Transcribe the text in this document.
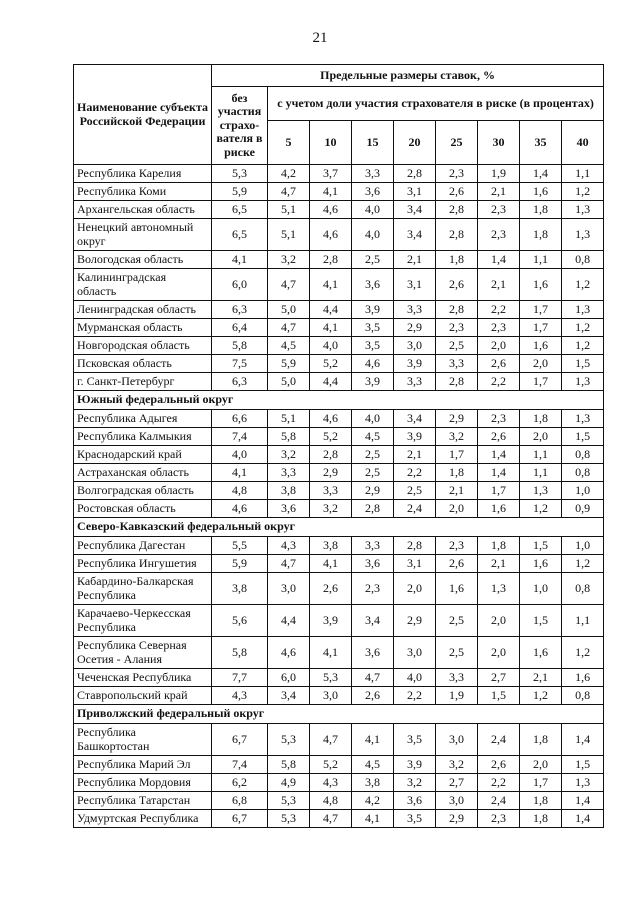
21
Наименование субъекта Российской Федерации	Предельные размеры ставок, %								
	без участия страхо-вателя в риске	с учетом доли участия страхователя в риске (в процентах)							
		5	10	15	20	25	30	35	40
Республика Карелия	5,3	4,2	3,7	3,3	2,8	2,3	1,9	1,4	1,1
Республика Коми	5,9	4,7	4,1	3,6	3,1	2,6	2,1	1,6	1,2
Архангельская область	6,5	5,1	4,6	4,0	3,4	2,8	2,3	1,8	1,3
Ненецкий автономный округ	6,5	5,1	4,6	4,0	3,4	2,8	2,3	1,8	1,3
Вологодская область	4,1	3,2	2,8	2,5	2,1	1,8	1,4	1,1	0,8
Калининградская область	6,0	4,7	4,1	3,6	3,1	2,6	2,1	1,6	1,2
Ленинградская область	6,3	5,0	4,4	3,9	3,3	2,8	2,2	1,7	1,3
Мурманская область	6,4	4,7	4,1	3,5	2,9	2,3	2,3	1,7	1,2
Новгородская область	5,8	4,5	4,0	3,5	3,0	2,5	2,0	1,6	1,2
Псковская область	7,5	5,9	5,2	4,6	3,9	3,3	2,6	2,0	1,5
г. Санкт-Петербург	6,3	5,0	4,4	3,9	3,3	2,8	2,2	1,7	1,3
Южный федеральный округ									
Республика Адыгея	6,6	5,1	4,6	4,0	3,4	2,9	2,3	1,8	1,3
Республика Калмыкия	7,4	5,8	5,2	4,5	3,9	3,2	2,6	2,0	1,5
Краснодарский край	4,0	3,2	2,8	2,5	2,1	1,7	1,4	1,1	0,8
Астраханская область	4,1	3,3	2,9	2,5	2,2	1,8	1,4	1,1	0,8
Волгоградская область	4,8	3,8	3,3	2,9	2,5	2,1	1,7	1,3	1,0
Ростовская область	4,6	3,6	3,2	2,8	2,4	2,0	1,6	1,2	0,9
Северо-Кавказский федеральный округ									
Республика Дагестан	5,5	4,3	3,8	3,3	2,8	2,3	1,8	1,5	1,0
Республика Ингушетия	5,9	4,7	4,1	3,6	3,1	2,6	2,1	1,6	1,2
Кабардино-Балкарская Республика	3,8	3,0	2,6	2,3	2,0	1,6	1,3	1,0	0,8
Карачаево-Черкесская Республика	5,6	4,4	3,9	3,4	2,9	2,5	2,0	1,5	1,1
Республика Северная Осетия - Алания	5,8	4,6	4,1	3,6	3,0	2,5	2,0	1,6	1,2
Чеченская Республика	7,7	6,0	5,3	4,7	4,0	3,3	2,7	2,1	1,6
Ставропольский край	4,3	3,4	3,0	2,6	2,2	1,9	1,5	1,2	0,8
Приволжский федеральный округ									
Республика Башкортостан	6,7	5,3	4,7	4,1	3,5	3,0	2,4	1,8	1,4
Республика Марий Эл	7,4	5,8	5,2	4,5	3,9	3,2	2,6	2,0	1,5
Республика Мордовия	6,2	4,9	4,3	3,8	3,2	2,7	2,2	1,7	1,3
Республика Татарстан	6,8	5,3	4,8	4,2	3,6	3,0	2,4	1,8	1,4
Удмуртская Республика	6,7	5,3	4,7	4,1	3,5	2,9	2,3	1,8	1,4
